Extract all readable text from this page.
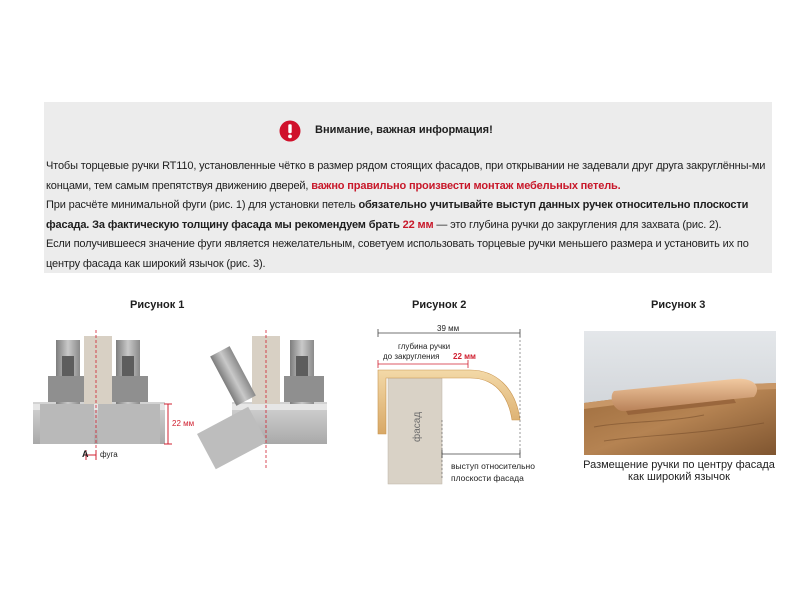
Внимание, важная информация!

Чтобы торцевые ручки RT110, установленные чётко в размер рядом стоящих фасадов, при открывании не задевали друг друга закруглённы-ми концами, тем самым препятствуя движению дверей, важно правильно произвести монтаж мебельных петель.

При расчёте минимальной фуги (рис. 1) для установки петель обязательно учитывайте выступ данных ручек относительно плоскости фасада. За фактическую толщину фасада мы рекомендуем брать 22 мм — это глубина ручки до закругления для захвата (рис. 2).

Если получившееся значение фуги является нежелательным, советуем использовать торцевые ручки меньшего размера и установить их по центру фасада как широкий язычок (рис. 3).

Рисунок 1	Рисунок 2	Рисунок 3
22 мм
A фуга
39 мм
глубина ручки
до закругления 22 мм
фасад
выступ относительно
плоскости фасада
Размещение ручки по центру фасада
как широкий язычок
